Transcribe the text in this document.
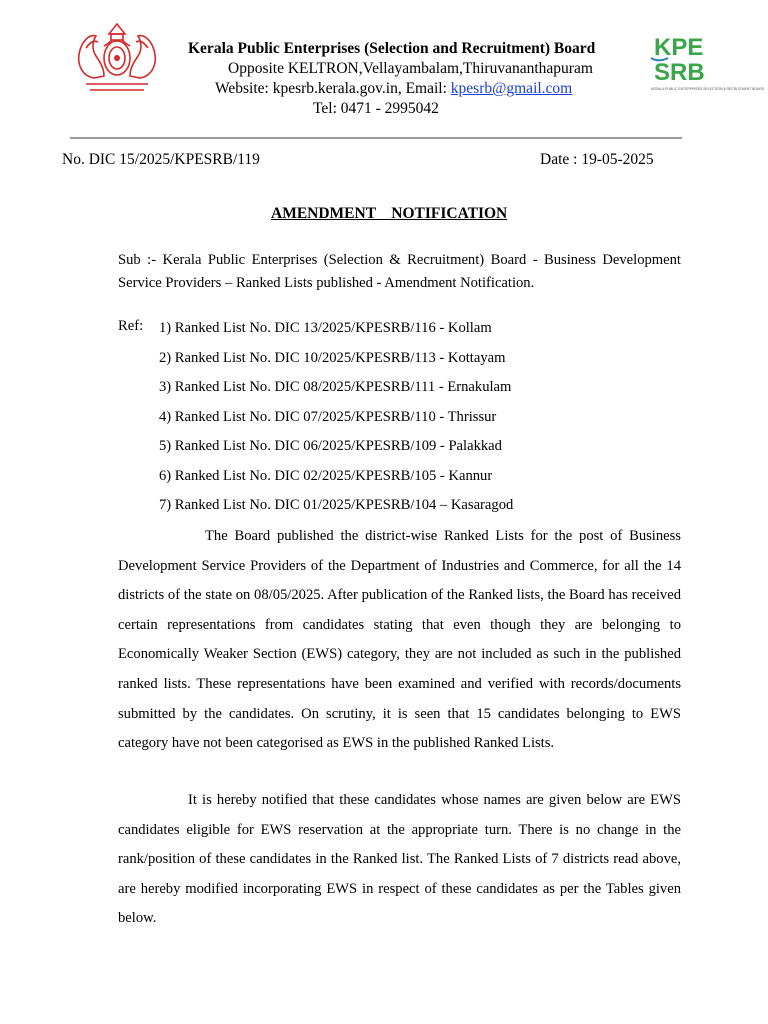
KPE
SRB
KERALA PUBLIC ENTERPRISES SELECTION & RECRUITMENT BOARD
Kerala Public Enterprises (Selection and Recruitment) Board
Opposite KELTRON,Vellayambalam,Thiruvananthapuram
Website: kpesrb.kerala.gov.in, Email: kpesrb@gmail.com
Tel: 0471 - 2995042
No. DIC 15/2025/KPESRB/119	Date : 19-05-2025
AMENDMENT    NOTIFICATION
Sub :- Kerala Public Enterprises (Selection & Recruitment) Board - Business Development Service Providers – Ranked Lists published - Amendment Notification.
Ref: 1) Ranked List No. DIC 13/2025/KPESRB/116 - Kollam
2) Ranked List No. DIC 10/2025/KPESRB/113 - Kottayam
3) Ranked List No. DIC 08/2025/KPESRB/111 - Ernakulam
4) Ranked List No. DIC 07/2025/KPESRB/110 - Thrissur
5) Ranked List No. DIC 06/2025/KPESRB/109 - Palakkad
6) Ranked List No. DIC 02/2025/KPESRB/105 - Kannur
7) Ranked List No. DIC 01/2025/KPESRB/104 – Kasaragod
The Board published the district-wise Ranked Lists for the post of Business Development Service Providers of the Department of Industries and Commerce, for all the 14 districts of the state on 08/05/2025. After publication of the Ranked lists, the Board has received certain representations from candidates stating that even though they are belonging to Economically Weaker Section (EWS) category, they are not included as such in the published ranked lists. These representations have been examined and verified with records/documents submitted by the candidates. On scrutiny, it is seen that 15 candidates belonging to EWS category have not been categorised as EWS in the published Ranked Lists.
It is hereby notified that these candidates whose names are given below are EWS candidates eligible for EWS reservation at the appropriate turn. There is no change in the rank/position of these candidates in the Ranked list. The Ranked Lists of 7 districts read above, are hereby modified incorporating EWS in respect of these candidates as per the Tables given below.
